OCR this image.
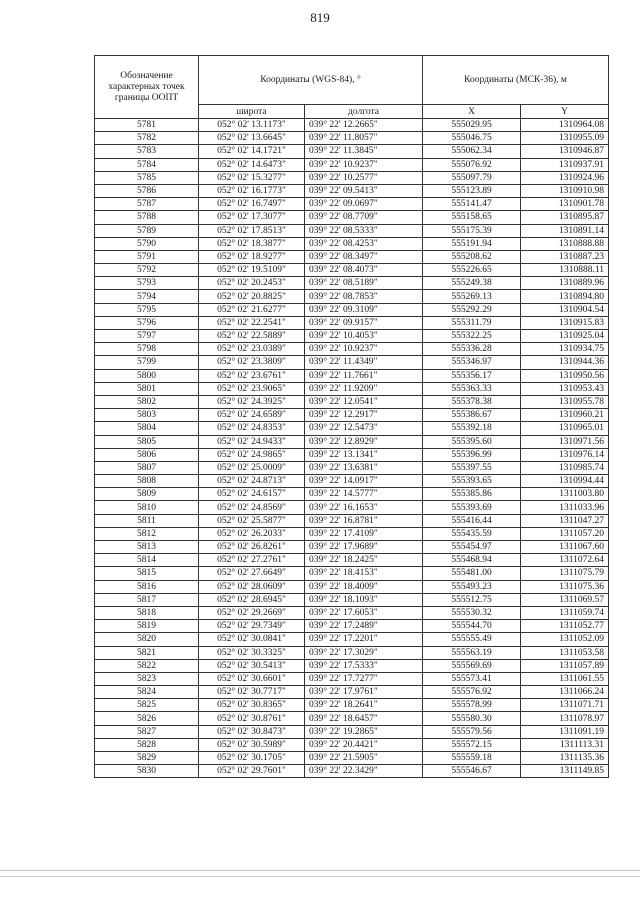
819
Обозначение характерных точек границы ООПТ	Координаты (WGS-84), °		Координаты (МСК-36), м	
	широта	долгота	X	Y
5781	052° 02' 13.1173"	039° 22' 12.2665"	555029.95	1310964.08
5782	052° 02' 13.6645"	039° 22' 11.8057"	555046.75	1310955.09
5783	052° 02' 14.1721"	039° 22' 11.3845"	555062.34	1310946.87
5784	052° 02' 14.6473"	039° 22' 10.9237"	555076.92	1310937.91
5785	052° 02' 15.3277"	039° 22' 10.2577"	555097.79	1310924.96
5786	052° 02' 16.1773"	039° 22' 09.5413"	555123.89	1310910.98
5787	052° 02' 16.7497"	039° 22' 09.0697"	555141.47	1310901.78
5788	052° 02' 17.3077"	039° 22' 08.7709"	555158.65	1310895.87
5789	052° 02' 17.8513"	039° 22' 08.5333"	555175.39	1310891.14
5790	052° 02' 18.3877"	039° 22' 08.4253"	555191.94	1310888.88
5791	052° 02' 18.9277"	039° 22' 08.3497"	555208.62	1310887.23
5792	052° 02' 19.5109"	039° 22' 08.4073"	555226.65	1310888.11
5793	052° 02' 20.2453"	039° 22' 08.5189"	555249.38	1310889.96
5794	052° 02' 20.8825"	039° 22' 08.7853"	555269.13	1310894.80
5795	052° 02' 21.6277"	039° 22' 09.3109"	555292.29	1310904.54
5796	052° 02' 22.2541"	039° 22' 09.9157"	555311.79	1310915.83
5797	052° 02' 22.5889"	039° 22' 10.4053"	555322.25	1310925.04
5798	052° 02' 23.0389"	039° 22' 10.9237"	555336.28	1310934.75
5799	052° 02' 23.3809"	039° 22' 11.4349"	555346.97	1310944.36
5800	052° 02' 23.6761"	039° 22' 11.7661"	555356.17	1310950.56
5801	052° 02' 23.9065"	039° 22' 11.9209"	555363.33	1310953.43
5802	052° 02' 24.3925"	039° 22' 12.0541"	555378.38	1310955.78
5803	052° 02' 24.6589"	039° 22' 12.2917"	555386.67	1310960.21
5804	052° 02' 24.8353"	039° 22' 12.5473"	555392.18	1310965.01
5805	052° 02' 24.9433"	039° 22' 12.8929"	555395.60	1310971.56
5806	052° 02' 24.9865"	039° 22' 13.1341"	555396.99	1310976.14
5807	052° 02' 25.0009"	039° 22' 13.6381"	555397.55	1310985.74
5808	052° 02' 24.8713"	039° 22' 14.0917"	555393.65	1310994.44
5809	052° 02' 24.6157"	039° 22' 14.5777"	555385.86	1311003.80
5810	052° 02' 24.8569"	039° 22' 16.1653"	555393.69	1311033.96
5811	052° 02' 25.5877"	039° 22' 16.8781"	555416.44	1311047.27
5812	052° 02' 26.2033"	039° 22' 17.4109"	555435.59	1311057.20
5813	052° 02' 26.8261"	039° 22' 17.9689"	555454.97	1311067.60
5814	052° 02' 27.2761"	039° 22' 18.2425"	555468.94	1311072.64
5815	052° 02' 27.6649"	039° 22' 18.4153"	555481.00	1311075.79
5816	052° 02' 28.0609"	039° 22' 18.4009"	555493.23	1311075.36
5817	052° 02' 28.6945"	039° 22' 18.1093"	555512.75	1311069.57
5818	052° 02' 29.2669"	039° 22' 17.6053"	555530.32	1311059.74
5819	052° 02' 29.7349"	039° 22' 17.2489"	555544.70	1311052.77
5820	052° 02' 30.0841"	039° 22' 17.2201"	555555.49	1311052.09
5821	052° 02' 30.3325"	039° 22' 17.3029"	555563.19	1311053.58
5822	052° 02' 30.5413"	039° 22' 17.5333"	555569.69	1311057.89
5823	052° 02' 30.6601"	039° 22' 17.7277"	555573.41	1311061.55
5824	052° 02' 30.7717"	039° 22' 17.9761"	555576.92	1311066.24
5825	052° 02' 30.8365"	039° 22' 18.2641"	555578.99	1311071.71
5826	052° 02' 30.8761"	039° 22' 18.6457"	555580.30	1311078.97
5827	052° 02' 30.8473"	039° 22' 19.2865"	555579.56	1311091.19
5828	052° 02' 30.5989"	039° 22' 20.4421"	555572.15	1311113.31
5829	052° 02' 30.1705"	039° 22' 21.5905"	555559.18	1311135.36
5830	052° 02' 29.7601"	039° 22' 22.3429"	555546.67	1311149.85
